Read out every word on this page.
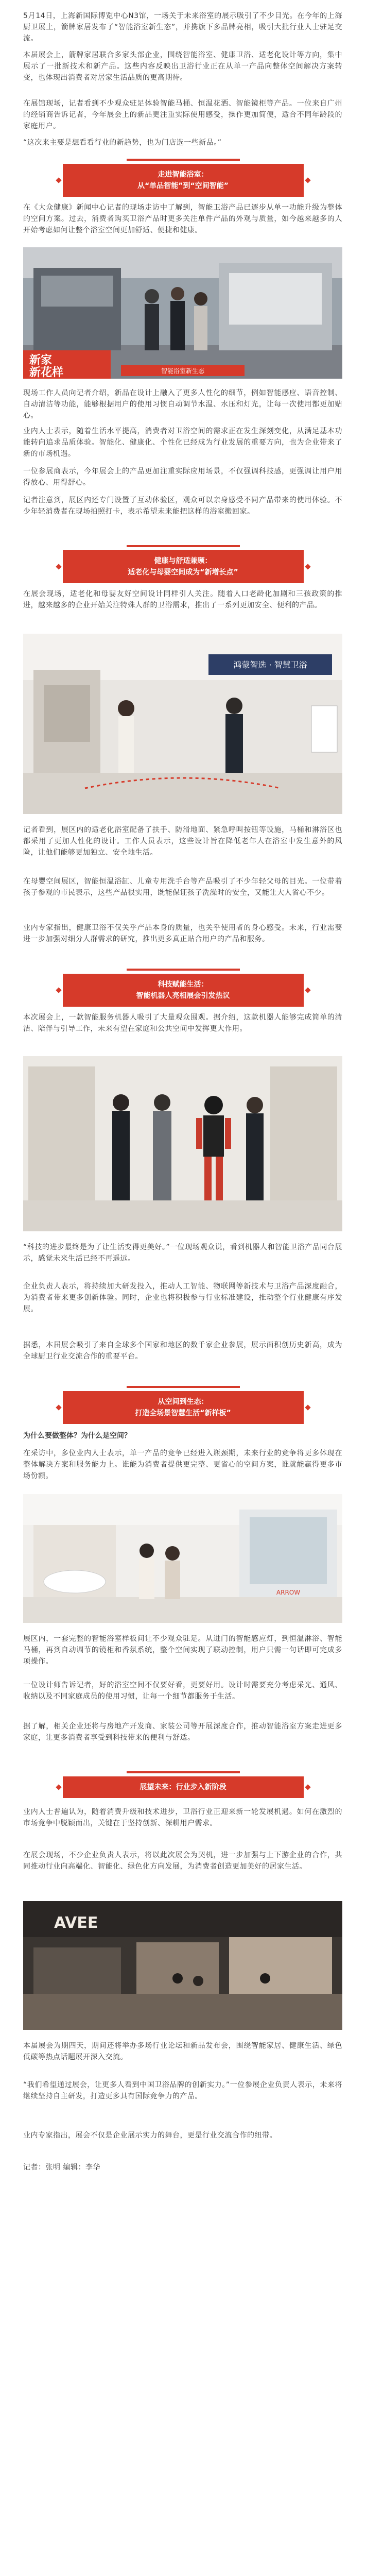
5月14日，上海新国际博览中心N3馆，一场关于未来浴室的展示吸引了不少目光。在今年的上海厨卫展上，箭牌家居发布了“智能浴室新生态”，并携旗下多品牌亮相，吸引大批行业人士驻足交流。
本届展会上，箭牌家居联合多家头部企业，围绕智能浴室、健康卫浴、适老化设计等方向，集中展示了一批新技术和新产品。这些内容反映出卫浴行业正在从单一产品向整体空间解决方案转变，也体现出消费者对居家生活品质的更高期待。
在展馆现场，记者看到不少观众驻足体验智能马桶、恒温花洒、智能镜柜等产品。一位来自广州的经销商告诉记者，今年展会上的新品更注重实际使用感受，操作更加简便，适合不同年龄段的家庭用户。
“这次来主要是想看看行业的新趋势，也为门店选一些新品。”
走进智能浴室：
从“单品智能”到“空间智能”
在《大众健康》新闻中心记者的现场走访中了解到，智能卫浴产品已逐步从单一功能升级为整体的空间方案。过去，消费者购买卫浴产品时更多关注单件产品的外观与质量，如今越来越多的人开始考虑如何让整个浴室空间更加舒适、便捷和健康。
新家
新花样	智能浴室新生态
现场工作人员向记者介绍，新品在设计上融入了更多人性化的细节，例如智能感应、语音控制、自动清洁等功能，能够根据用户的使用习惯自动调节水温、水压和灯光，让每一次使用都更加贴心。
业内人士表示，随着生活水平提高，消费者对卫浴空间的需求正在发生深刻变化，从满足基本功能转向追求品质体验。智能化、健康化、个性化已经成为行业发展的重要方向，也为企业带来了新的市场机遇。
一位参展商表示，今年展会上的产品更加注重实际应用场景，不仅强调科技感，更强调让用户用得放心、用得舒心。
记者注意到，展区内还专门设置了互动体验区，观众可以亲身感受不同产品带来的使用体验。不少年轻消费者在现场拍照打卡，表示希望未来能把这样的浴室搬回家。
健康与舒适兼顾：
适老化与母婴空间成为“新增长点”
在展会现场，适老化和母婴友好空间设计同样引人关注。随着人口老龄化加剧和三孩政策的推进，越来越多的企业开始关注特殊人群的卫浴需求，推出了一系列更加安全、便利的产品。
鸿蒙智选 · 智慧卫浴
记者看到，展区内的适老化浴室配备了扶手、防滑地面、紧急呼叫按钮等设施，马桶和淋浴区也都采用了更加人性化的设计。工作人员表示，这些设计旨在降低老年人在浴室中发生意外的风险，让他们能够更加独立、安全地生活。
在母婴空间展区，智能恒温浴缸、儿童专用洗手台等产品吸引了不少年轻父母的目光。一位带着孩子参观的市民表示，这些产品很实用，既能保证孩子洗澡时的安全，又能让大人省心不少。
业内专家指出，健康卫浴不仅关乎产品本身的质量，也关乎使用者的身心感受。未来，行业需要进一步加强对细分人群需求的研究，推出更多真正贴合用户的产品和服务。
科技赋能生活：
智能机器人亮相展会引发热议
本次展会上，一款智能服务机器人吸引了大量观众围观。据介绍，这款机器人能够完成简单的清洁、陪伴与引导工作，未来有望在家庭和公共空间中发挥更大作用。
“科技的进步最终是为了让生活变得更美好。”一位现场观众说，看到机器人和智能卫浴产品同台展示，感觉未来生活已经不再遥远。
企业负责人表示，将持续加大研发投入，推动人工智能、物联网等新技术与卫浴产品深度融合，为消费者带来更多创新体验。同时，企业也将积极参与行业标准建设，推动整个行业健康有序发展。
据悉，本届展会吸引了来自全球多个国家和地区的数千家企业参展，展示面积创历史新高，成为全球厨卫行业交流合作的重要平台。
从空间到生态：
打造全场景智慧生活“新样板”
为什么要做整体？为什么是空间？
在采访中，多位业内人士表示，单一产品的竞争已经进入瓶颈期，未来行业的竞争将更多体现在整体解决方案和服务能力上。谁能为消费者提供更完整、更省心的空间方案，谁就能赢得更多市场份额。
ARROW
展区内，一套完整的智能浴室样板间让不少观众驻足。从进门的智能感应灯，到恒温淋浴、智能马桶，再到自动调节的镜柜和香氛系统，整个空间实现了联动控制，用户只需一句话即可完成多项操作。
一位设计师告诉记者，好的浴室空间不仅要好看，更要好用。设计时需要充分考虑采光、通风、收纳以及不同家庭成员的使用习惯，让每一个细节都服务于生活。
据了解，相关企业还将与房地产开发商、家装公司等开展深度合作，推动智能浴室方案走进更多家庭，让更多消费者享受到科技带来的便利与舒适。
展望未来：行业步入新阶段
业内人士普遍认为，随着消费升级和技术进步，卫浴行业正迎来新一轮发展机遇。如何在激烈的市场竞争中脱颖而出，关键在于坚持创新、深耕用户需求。
在展会现场，不少企业负责人表示，将以此次展会为契机，进一步加强与上下游企业的合作，共同推动行业向高端化、智能化、绿色化方向发展，为消费者创造更加美好的居家生活。
AVEE
本届展会为期四天，期间还将举办多场行业论坛和新品发布会，围绕智能家居、健康生活、绿色低碳等热点话题展开深入交流。
“我们希望通过展会，让更多人看到中国卫浴品牌的创新实力。”一位参展企业负责人表示，未来将继续坚持自主研发，打造更多具有国际竞争力的产品。
业内专家指出，展会不仅是企业展示实力的舞台，更是行业交流合作的纽带。
记者：张明 编辑：李华
